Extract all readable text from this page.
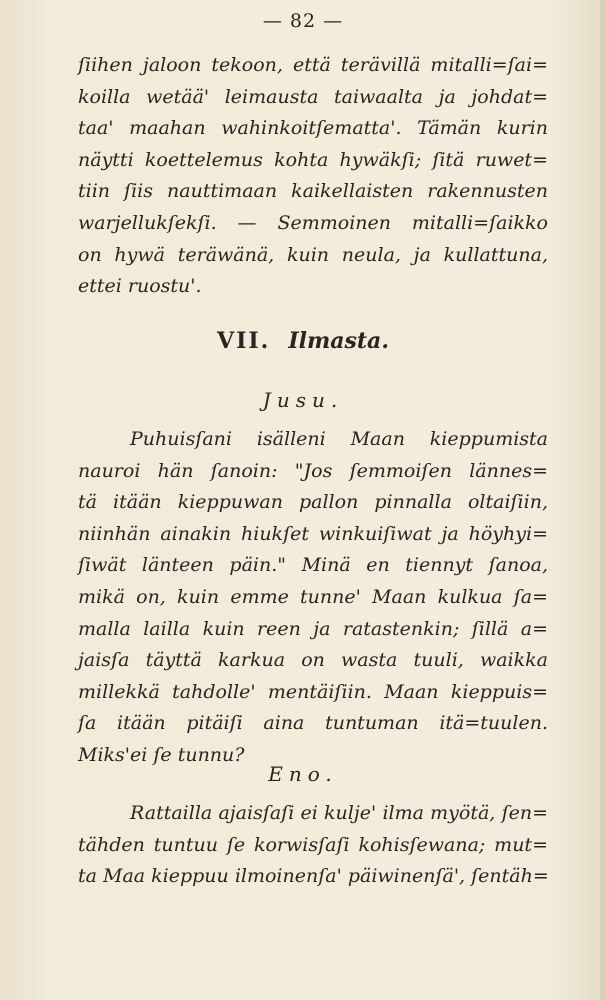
— 82 —
ſiihen jaloon tekoon, että terävillä mitalli=ſai=
koilla wetää' leimausta taiwaalta ja johdat=
taa' maahan wahinkoitſematta'. Tämän kurin
näytti koettelemus kohta hywäkſi; ſitä ruwet=
tiin ſiis nauttimaan kaikellaisten rakennusten
warjellukſekſi. — Semmoinen mitalli=ſaikko
on hywä teräwänä, kuin neula, ja kullattuna,
ettei ruostu'.
VII. Ilmasta.
Jusu.
Puhuisſani isälleni Maan kieppumista
nauroi hän ſanoin: "Jos ſemmoiſen lännes=
tä itään kieppuwan pallon pinnalla oltaiſiin,
niinhän ainakin hiukſet winkuiſiwat ja höyhyi=
ſiwät länteen päin." Minä en tiennyt ſanoa,
mikä on, kuin emme tunne' Maan kulkua ſa=
malla lailla kuin reen ja ratastenkin; ſillä a=
jaisſa täyttä karkua on wasta tuuli, waikka
millekkä tahdolle' mentäiſiin. Maan kieppuis=
ſa itään pitäiſi aina tuntuman itä=tuulen.
Miks'ei ſe tunnu?
Eno.
Rattailla ajaisſaſi ei kulje' ilma myötä, ſen=
tähden tuntuu ſe korwisſaſi kohisſewana; mut=
ta Maa kieppuu ilmoinenſa' päiwinenſä', ſentäh=
